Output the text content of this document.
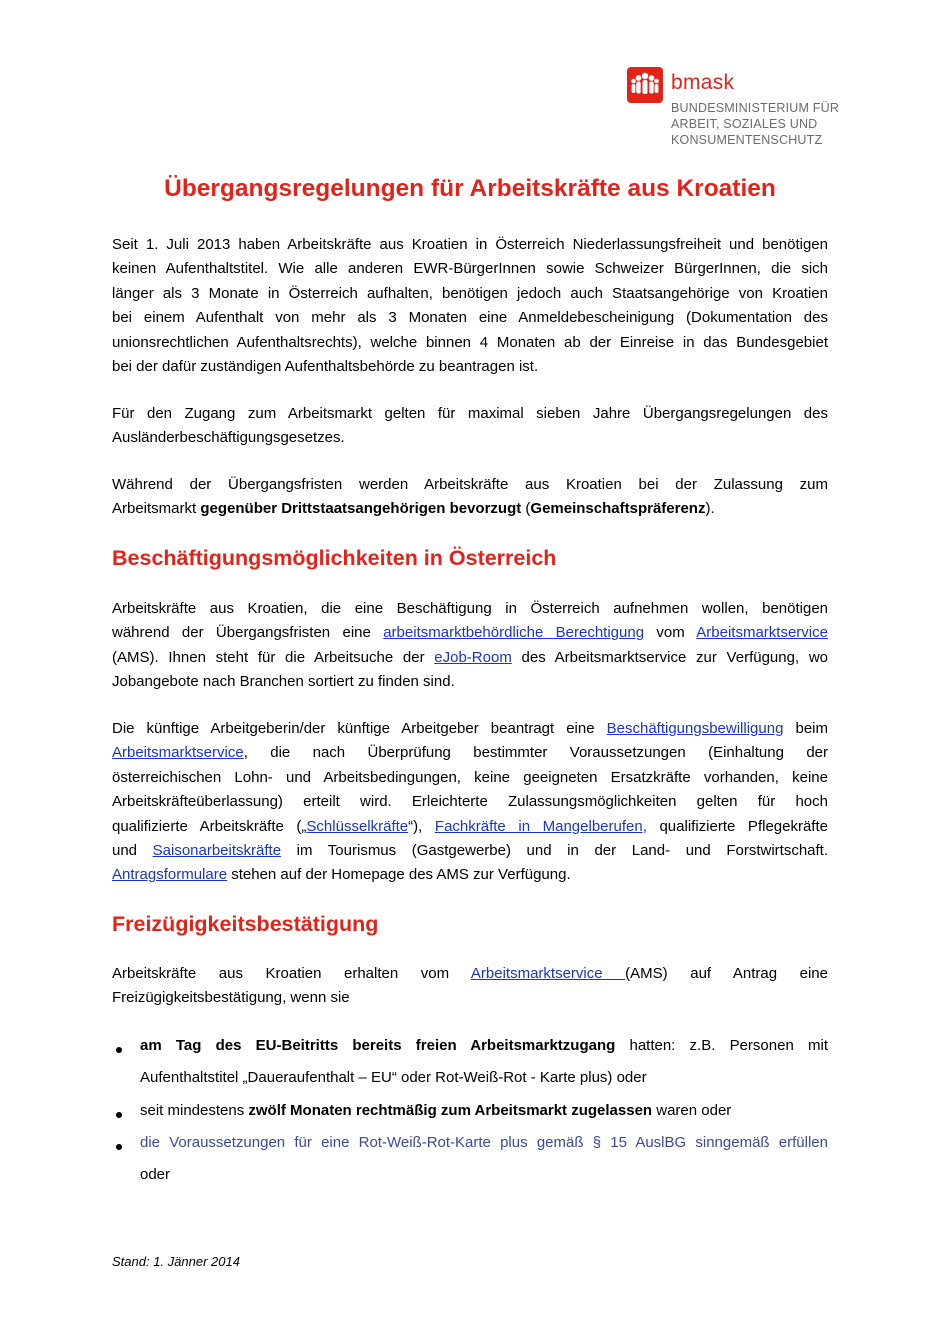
bmask
BUNDESMINISTERIUM FÜR
ARBEIT, SOZIALES UND
KONSUMENTENSCHUTZ
Übergangsregelungen für Arbeitskräfte aus Kroatien

Seit 1. Juli 2013 haben Arbeitskräfte aus Kroatien in Österreich Niederlassungsfreiheit und benötigen
keinen Aufenthaltstitel. Wie alle anderen EWR-BürgerInnen sowie Schweizer BürgerInnen, die sich
länger als 3 Monate in Österreich aufhalten, benötigen jedoch auch Staatsangehörige von Kroatien
bei einem Aufenthalt von mehr als 3 Monaten eine Anmeldebescheinigung (Dokumentation des
unionsrechtlichen Aufenthaltsrechts), welche binnen 4 Monaten ab der Einreise in das Bundesgebiet
bei der dafür zuständigen Aufenthaltsbehörde zu beantragen ist.

Für den Zugang zum Arbeitsmarkt gelten für maximal sieben Jahre Übergangsregelungen des
Ausländerbeschäftigungsgesetzes.

Während der Übergangsfristen werden Arbeitskräfte aus Kroatien bei der Zulassung zum
Arbeitsmarkt gegenüber Drittstaatsangehörigen bevorzugt (Gemeinschaftspräferenz).

Beschäftigungsmöglichkeiten in Österreich

Arbeitskräfte aus Kroatien, die eine Beschäftigung in Österreich aufnehmen wollen, benötigen
während der Übergangsfristen eine arbeitsmarktbehördliche Berechtigung vom Arbeitsmarktservice
(AMS). Ihnen steht für die Arbeitsuche der eJob-Room des Arbeitsmarktservice zur Verfügung, wo
Jobangebote nach Branchen sortiert zu finden sind.

Die künftige Arbeitgeberin/der künftige Arbeitgeber beantragt eine Beschäftigungsbewilligung beim
Arbeitsmarktservice, die nach Überprüfung bestimmter Voraussetzungen (Einhaltung der
österreichischen Lohn- und Arbeitsbedingungen, keine geeigneten Ersatzkräfte vorhanden, keine
Arbeitskräfteüberlassung) erteilt wird. Erleichterte Zulassungsmöglichkeiten gelten für hoch
qualifizierte Arbeitskräfte („Schlüsselkräfte“), Fachkräfte in Mangelberufen, qualifizierte Pflegekräfte
und Saisonarbeitskräfte im Tourismus (Gastgewerbe) und in der Land- und Forstwirtschaft.
Antragsformulare stehen auf der Homepage des AMS zur Verfügung.

Freizügigkeitsbestätigung

Arbeitskräfte aus Kroatien erhalten vom Arbeitsmarktservice (AMS) auf Antrag eine
Freizügigkeitsbestätigung, wenn sie

am Tag des EU-Beitritts bereits freien Arbeitsmarktzugang hatten: z.B. Personen mit
Aufenthaltstitel „Daueraufenthalt – EU“ oder Rot-Weiß-Rot - Karte plus) oder
seit mindestens zwölf Monaten rechtmäßig zum Arbeitsmarkt zugelassen waren oder
die Voraussetzungen für eine Rot-Weiß-Rot-Karte plus gemäß § 15 AuslBG sinngemäß erfüllen
oder

Stand: 1. Jänner 2014
